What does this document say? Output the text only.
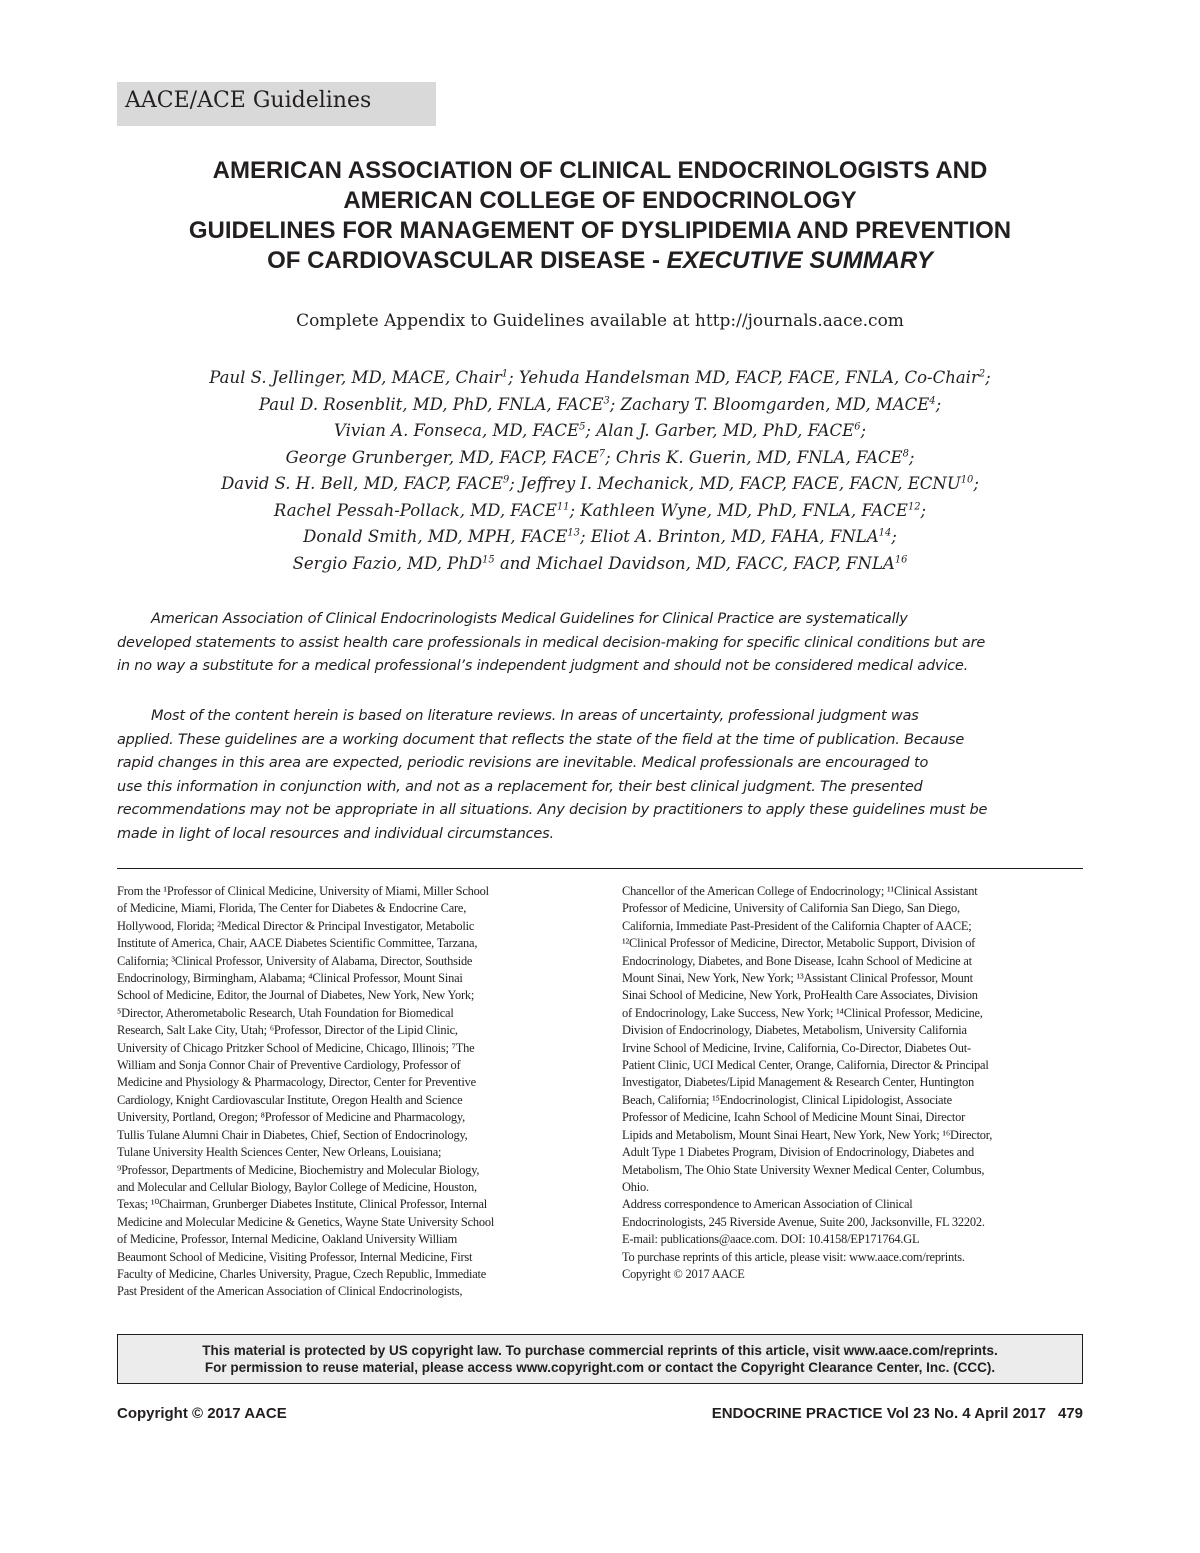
AACE/ACE Guidelines
AMERICAN ASSOCIATION OF CLINICAL ENDOCRINOLOGISTS AND
AMERICAN COLLEGE OF ENDOCRINOLOGY
GUIDELINES FOR MANAGEMENT OF DYSLIPIDEMIA AND PREVENTION
OF CARDIOVASCULAR DISEASE - EXECUTIVE SUMMARY
Complete Appendix to Guidelines available at http://journals.aace.com
Paul S. Jellinger, MD, MACE, Chair$^1$; Yehuda Handelsman MD, FACP, FACE, FNLA, Co-Chair$^2$;
Paul D. Rosenblit, MD, PhD, FNLA, FACE$^3$; Zachary T. Bloomgarden, MD, MACE$^4$;
Vivian A. Fonseca, MD, FACE$^5$; Alan J. Garber, MD, PhD, FACE$^6$;
George Grunberger, MD, FACP, FACE$^7$; Chris K. Guerin, MD, FNLA, FACE$^8$;
David S. H. Bell, MD, FACP, FACE$^9$; Jeffrey I. Mechanick, MD, FACP, FACE, FACN, ECNU$^{10}$;
Rachel Pessah-Pollack, MD, FACE$^{11}$; Kathleen Wyne, MD, PhD, FNLA, FACE$^{12}$;
Donald Smith, MD, MPH, FACE$^{13}$; Eliot A. Brinton, MD, FAHA, FNLA$^{14}$;
Sergio Fazio, MD, PhD$^{15}$ and Michael Davidson, MD, FACC, FACP, FNLA$^{16}$
American Association of Clinical Endocrinologists Medical Guidelines for Clinical Practice are systematically
developed statements to assist health care professionals in medical decision-making for specific clinical conditions but are
in no way a substitute for a medical professional’s independent judgment and should not be considered medical advice.
Most of the content herein is based on literature reviews. In areas of uncertainty, professional judgment was
applied. These guidelines are a working document that reflects the state of the field at the time of publication. Because
rapid changes in this area are expected, periodic revisions are inevitable. Medical professionals are encouraged to
use this information in conjunction with, and not as a replacement for, their best clinical judgment. The presented
recommendations may not be appropriate in all situations. Any decision by practitioners to apply these guidelines must be
made in light of local resources and individual circumstances.
From the ¹Professor of Clinical Medicine, University of Miami, Miller School
of Medicine, Miami, Florida, The Center for Diabetes & Endocrine Care,
Hollywood, Florida; ²Medical Director & Principal Investigator, Metabolic
Institute of America, Chair, AACE Diabetes Scientific Committee, Tarzana,
California; ³Clinical Professor, University of Alabama, Director, Southside
Endocrinology, Birmingham, Alabama; ⁴Clinical Professor, Mount Sinai
School of Medicine, Editor, the Journal of Diabetes, New York, New York;
⁵Director, Atherometabolic Research, Utah Foundation for Biomedical
Research, Salt Lake City, Utah; ⁶Professor, Director of the Lipid Clinic,
University of Chicago Pritzker School of Medicine, Chicago, Illinois; ⁷The
William and Sonja Connor Chair of Preventive Cardiology, Professor of
Medicine and Physiology & Pharmacology, Director, Center for Preventive
Cardiology, Knight Cardiovascular Institute, Oregon Health and Science
University, Portland, Oregon; ⁸Professor of Medicine and Pharmacology,
Tullis Tulane Alumni Chair in Diabetes, Chief, Section of Endocrinology,
Tulane University Health Sciences Center, New Orleans, Louisiana;
⁹Professor, Departments of Medicine, Biochemistry and Molecular Biology,
and Molecular and Cellular Biology, Baylor College of Medicine, Houston,
Texas; ¹⁰Chairman, Grunberger Diabetes Institute, Clinical Professor, Internal
Medicine and Molecular Medicine & Genetics, Wayne State University School
of Medicine, Professor, Internal Medicine, Oakland University William
Beaumont School of Medicine, Visiting Professor, Internal Medicine, First
Faculty of Medicine, Charles University, Prague, Czech Republic, Immediate
Past President of the American Association of Clinical Endocrinologists,
Chancellor of the American College of Endocrinology; ¹¹Clinical Assistant
Professor of Medicine, University of California San Diego, San Diego,
California, Immediate Past-President of the California Chapter of AACE;
¹²Clinical Professor of Medicine, Director, Metabolic Support, Division of
Endocrinology, Diabetes, and Bone Disease, Icahn School of Medicine at
Mount Sinai, New York, New York; ¹³Assistant Clinical Professor, Mount
Sinai School of Medicine, New York, ProHealth Care Associates, Division
of Endocrinology, Lake Success, New York; ¹⁴Clinical Professor, Medicine,
Division of Endocrinology, Diabetes, Metabolism, University California
Irvine School of Medicine, Irvine, California, Co-Director, Diabetes Out-
Patient Clinic, UCI Medical Center, Orange, California, Director & Principal
Investigator, Diabetes/Lipid Management & Research Center, Huntington
Beach, California; ¹⁵Endocrinologist, Clinical Lipidologist, Associate
Professor of Medicine, Icahn School of Medicine Mount Sinai, Director
Lipids and Metabolism, Mount Sinai Heart, New York, New York; ¹⁶Director,
Adult Type 1 Diabetes Program, Division of Endocrinology, Diabetes and
Metabolism, The Ohio State University Wexner Medical Center, Columbus,
Ohio.
Address correspondence to American Association of Clinical
Endocrinologists, 245 Riverside Avenue, Suite 200, Jacksonville, FL 32202.
E-mail: publications@aace.com. DOI: 10.4158/EP171764.GL
To purchase reprints of this article, please visit: www.aace.com/reprints.
Copyright © 2017 AACE
This material is protected by US copyright law. To purchase commercial reprints of this article, visit www.aace.com/reprints.
For permission to reuse material, please access www.copyright.com or contact the Copyright Clearance Center, Inc. (CCC).
Copyright © 2017 AACE	ENDOCRINE PRACTICE Vol 23 No. 4 April 2017 479
